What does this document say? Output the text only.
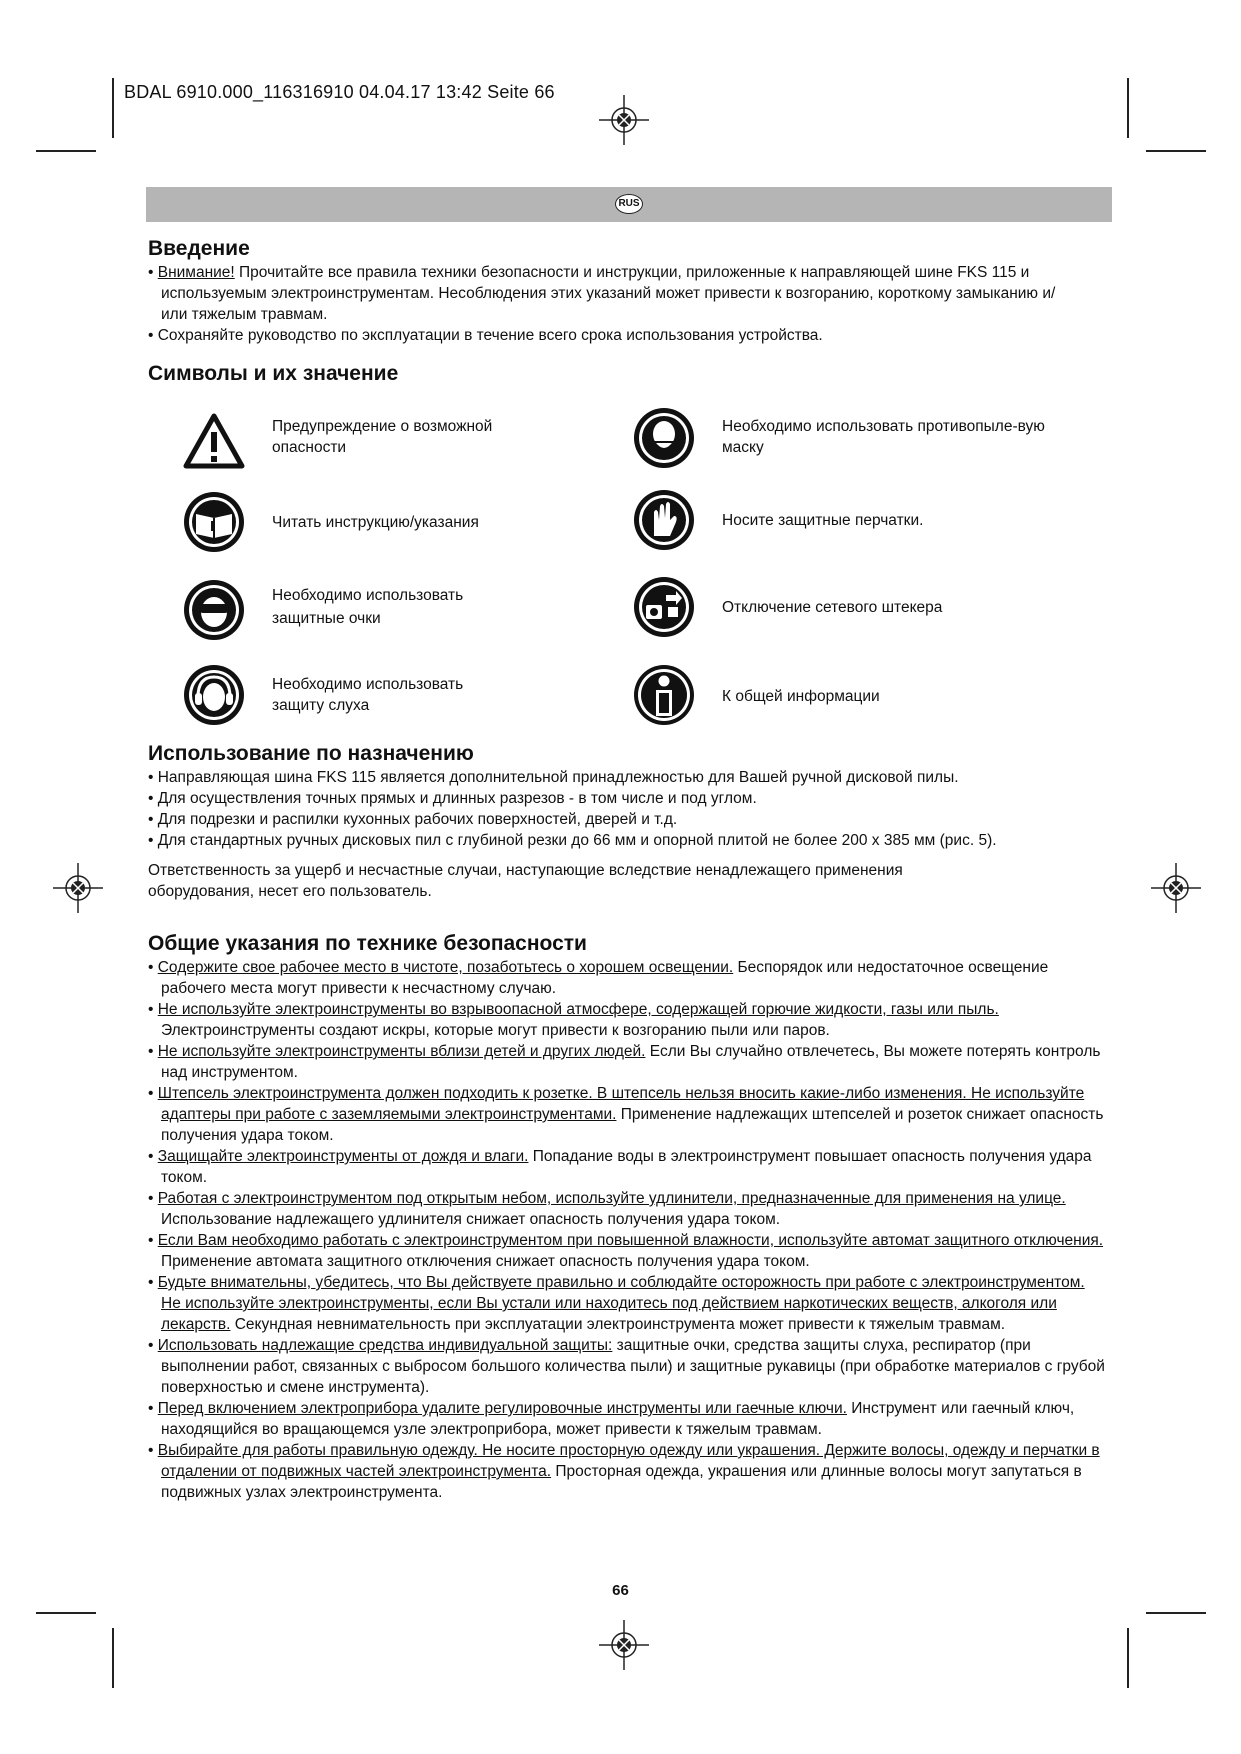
BDAL 6910.000_116316910 04.04.17 13:42 Seite 66
RUS
Введение
• Внимание! Прочитайте все правила техники безопасности и инструкции, приложенные к направляющей шине FKS 115 и используемым электроинструментам. Несоблюдения этих указаний может привести к возгоранию, короткому замыканию и/или тяжелым травмам.
• Сохраняйте руководство по эксплуатации в течение всего срока использования устройства.
Символы и их значение
Предупреждение о возможной опасности
Необходимо использовать противопыле-вую маску
Читать инструкцию/указания	Носите защитные перчатки.
Необходимо использовать защитные очки
Отключение сетевого штекера
Необходимо использовать защиту слуха
К общей информации
Использование по назначению
• Направляющая шина FKS 115 является дополнительной принадлежностью для Вашей ручной дисковой пилы.
• Для осуществления точных прямых и длинных разрезов - в том числе и под углом.
• Для подрезки и распилки кухонных рабочих поверхностей, дверей и т.д.
• Для стандартных ручных дисковых пил с глубиной резки до 66 мм и опорной плитой не более 200 x 385 мм (рис. 5).

Ответственность за ущерб и несчастные случаи, наступающие вследствие ненадлежащего применения оборудования, несет его пользователь.

Общие указания по технике безопасности
• Содержите свое рабочее место в чистоте, позаботьтесь о хорошем освещении. Беспорядок или недостаточное освещение рабочего места могут привести к несчастному случаю.
• Не используйте электроинструменты во взрывоопасной атмосфере, содержащей горючие жидкости, газы или пыль. Электроинструменты создают искры, которые могут привести к возгоранию пыли или паров.
• Не используйте электроинструменты вблизи детей и других людей. Если Вы случайно отвлечетесь, Вы можете потерять контроль над инструментом.
• Штепсель электроинструмента должен подходить к розетке. В штепсель нельзя вносить какие-либо изменения. Не используйте адаптеры при работе с заземляемыми электроинструментами. Применение надлежащих штепселей и розеток снижает опасность получения удара током.
• Защищайте электроинструменты от дождя и влаги. Попадание воды в электроинструмент повышает опасность получения удара током.
• Работая с электроинструментом под открытым небом, используйте удлинители, предназначенные для применения на улице. Использование надлежащего удлинителя снижает опасность получения удара током.
• Если Вам необходимо работать с электроинструментом при повышенной влажности, используйте автомат защитного отключения. Применение автомата защитного отключения снижает опасность получения удара током.
• Будьте внимательны, убедитесь, что Вы действуете правильно и соблюдайте осторожность при работе с электроинструментом. Не используйте электроинструменты, если Вы устали или находитесь под действием наркотических веществ, алкоголя или лекарств. Секундная невнимательность при эксплуатации электроинструмента может привести к тяжелым травмам.
• Использовать надлежащие средства индивидуальной защиты: защитные очки, средства защиты слуха, респиратор (при выполнении работ, связанных с выбросом большого количества пыли) и защитные рукавицы (при обработке материалов с грубой поверхностью и смене инструмента).
• Перед включением электроприбора удалите регулировочные инструменты или гаечные ключи. Инструмент или гаечный ключ, находящийся во вращающемся узле электроприбора, может привести к тяжелым травмам.
• Выбирайте для работы правильную одежду. Не носите просторную одежду или украшения. Держите волосы, одежду и перчатки в отдалении от подвижных частей электроинструмента. Просторная одежда, украшения или длинные волосы могут запутаться в подвижных узлах электроинструмента.
66
